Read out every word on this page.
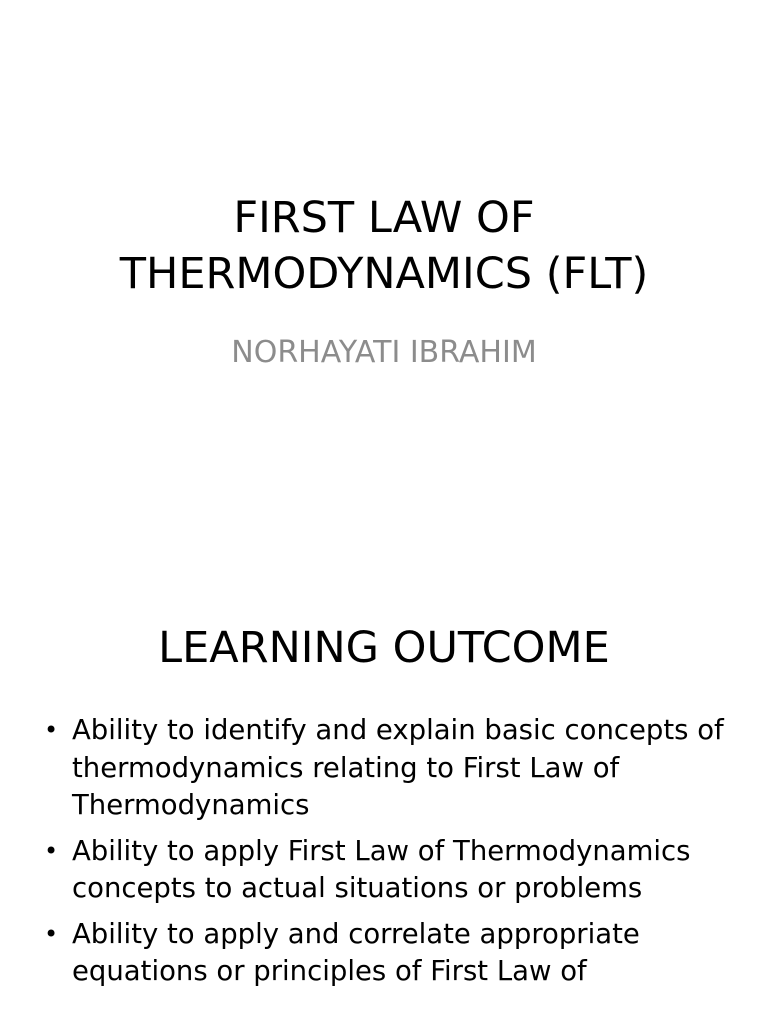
FIRST LAW OF
THERMODYNAMICS (FLT)

NORHAYATI IBRAHIM

LEARNING OUTCOME
• Ability to identify and explain basic concepts of thermodynamics relating to First Law of Thermodynamics
• Ability to apply First Law of Thermodynamics concepts to actual situations or problems
• Ability to apply and correlate appropriate equations or principles of First Law of
